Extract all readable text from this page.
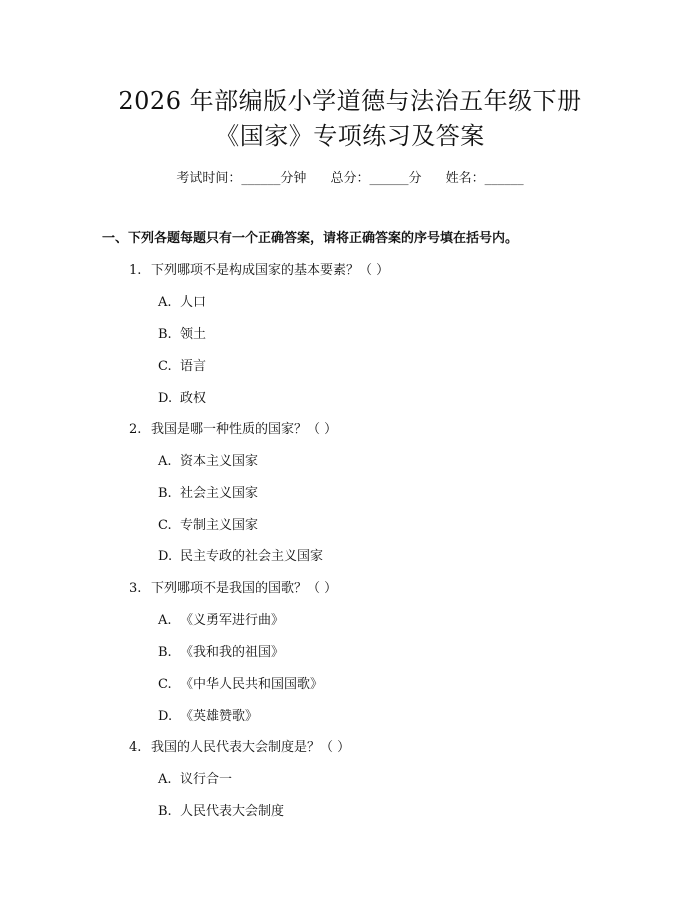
2026 年部编版小学道德与法治五年级下册
《国家》专项练习及答案
考试时间：______分钟 总分：______分 姓名：______
一、下列各题每题只有一个正确答案，请将正确答案的序号填在括号内。
1. 下列哪项不是构成国家的基本要素？（ ）
A. 人口
B. 领土
C. 语言
D. 政权
2. 我国是哪一种性质的国家？（ ）
A. 资本主义国家
B. 社会主义国家
C. 专制主义国家
D. 民主专政的社会主义国家
3. 下列哪项不是我国的国歌？（ ）
A. 《义勇军进行曲》
B. 《我和我的祖国》
C. 《中华人民共和国国歌》
D. 《英雄赞歌》
4. 我国的人民代表大会制度是？（ ）
A. 议行合一
B. 人民代表大会制度
